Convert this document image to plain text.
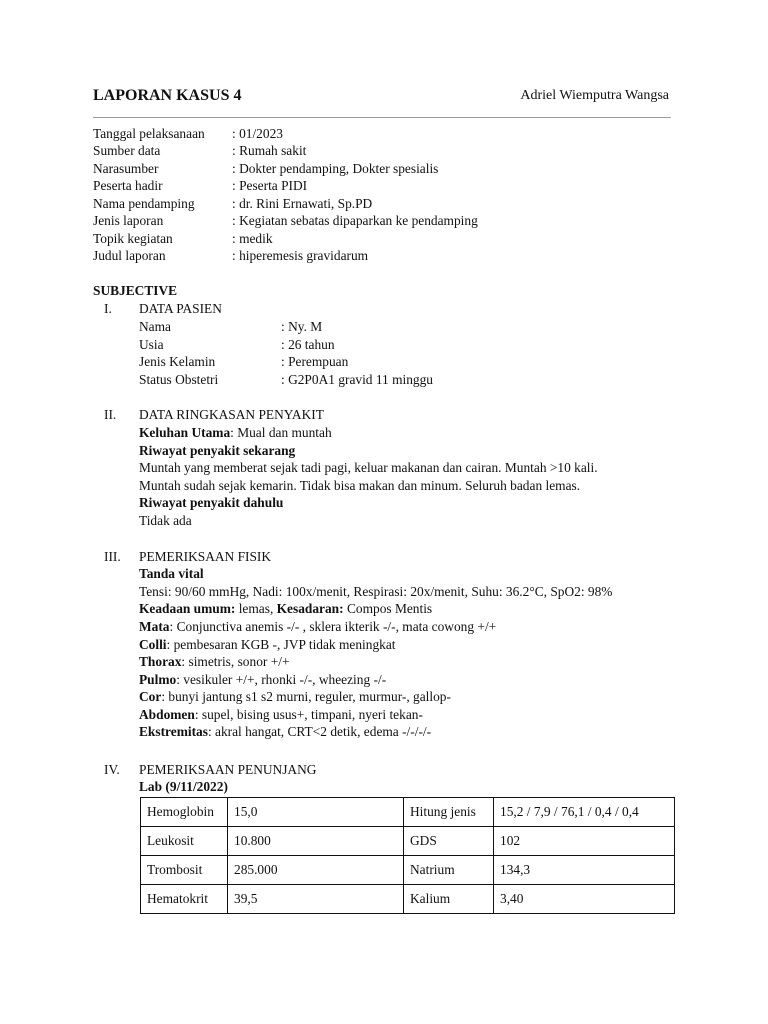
LAPORAN KASUS 4	Adriel Wiemputra Wangsa
Tanggal pelaksanaan : 01/2023
Sumber data	: Rumah sakit
Narasumber	: Dokter pendamping, Dokter spesialis
Peserta hadir	: Peserta PIDI
Nama pendamping	: dr. Rini Ernawati, Sp.PD
Jenis laporan	: Kegiatan sebatas dipaparkan ke pendamping
Topik kegiatan	: medik
Judul laporan	: hiperemesis gravidarum
SUBJECTIVE
I. DATA PASIEN
Nama	: Ny. M
Usia	: 26 tahun
Jenis Kelamin	: Perempuan
Status Obstetri	: G2P0A1 gravid 11 minggu
II. DATA RINGKASAN PENYAKIT
Keluhan Utama: Mual dan muntah
Riwayat penyakit sekarang
Muntah yang memberat sejak tadi pagi, keluar makanan dan cairan. Muntah >10 kali.
Muntah sudah sejak kemarin. Tidak bisa makan dan minum. Seluruh badan lemas.
Riwayat penyakit dahulu
Tidak ada
III. PEMERIKSAAN FISIK
Tanda vital
Tensi: 90/60 mmHg, Nadi: 100x/menit, Respirasi: 20x/menit, Suhu: 36.2°C, SpO2: 98%
Keadaan umum: lemas, Kesadaran: Compos Mentis
Mata: Conjunctiva anemis -/- , sklera ikterik -/-, mata cowong +/+
Colli: pembesaran KGB -, JVP tidak meningkat
Thorax: simetris, sonor +/+
Pulmo: vesikuler +/+, rhonki -/-, wheezing -/-
Cor: bunyi jantung s1 s2 murni, reguler, murmur-, gallop-
Abdomen: supel, bising usus+, timpani, nyeri tekan-
Ekstremitas: akral hangat, CRT<2 detik, edema -/-/-/-
IV. PEMERIKSAAN PENUNJANG
Lab (9/11/2022)
Hemoglobin	15,0	Hitung jenis	15,2 / 7,9 / 76,1 / 0,4 / 0,4
Leukosit	10.800	GDS	102
Trombosit	285.000	Natrium	134,3
Hematokrit	39,5	Kalium	3,40
